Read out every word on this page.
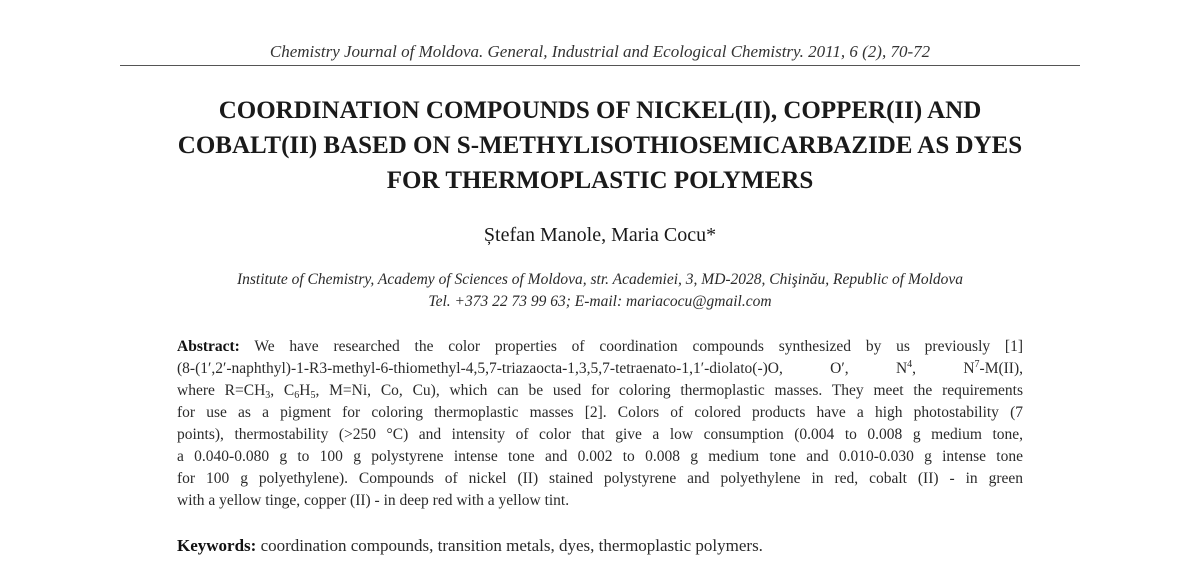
Chemistry Journal of Moldova. General, Industrial and Ecological Chemistry. 2011, 6 (2), 70-72
COORDINATION COMPOUNDS OF NICKEL(II), COPPER(II) AND
COBALT(II) BASED ON S-METHYLISOTHIOSEMICARBAZIDE AS DYES
FOR THERMOPLASTIC POLYMERS
Ștefan Manole, Maria Cocu*
Institute of Chemistry, Academy of Sciences of Moldova, str. Academiei, 3, MD-2028, Chişinău, Republic of Moldova
Tel. +373 22 73 99 63; E-mail: mariacocu@gmail.com
Abstract: We have researched the color properties of coordination compounds synthesized by us previously [1]
(8-(1′,2′-naphthyl)-1-R3-methyl-6-thiomethyl-4,5,7-triazaocta-1,3,5,7-tetraenato-1,1′-diolato(-)O, O′, $N^4$, $N^7-M(II)$,
where $R=CH_3$, $C_6H_5$, M=Ni, Co, Cu), which can be used for coloring thermoplastic masses. They meet the requirements
for use as a pigment for coloring thermoplastic masses [2]. Colors of colored products have a high photostability (7
points), thermostability (>250 °C) and intensity of color that give a low consumption (0.004 to 0.008 g medium tone,
a 0.040-0.080 g to 100 g polystyrene intense tone and 0.002 to 0.008 g medium tone and 0.010-0.030 g intense tone
for 100 g polyethylene). Compounds of nickel (II) stained polystyrene and polyethylene in red, cobalt (II) - in green
with a yellow tinge, copper (II) - in deep red with a yellow tint.
Keywords: coordination compounds, transition metals, dyes, thermoplastic polymers.
